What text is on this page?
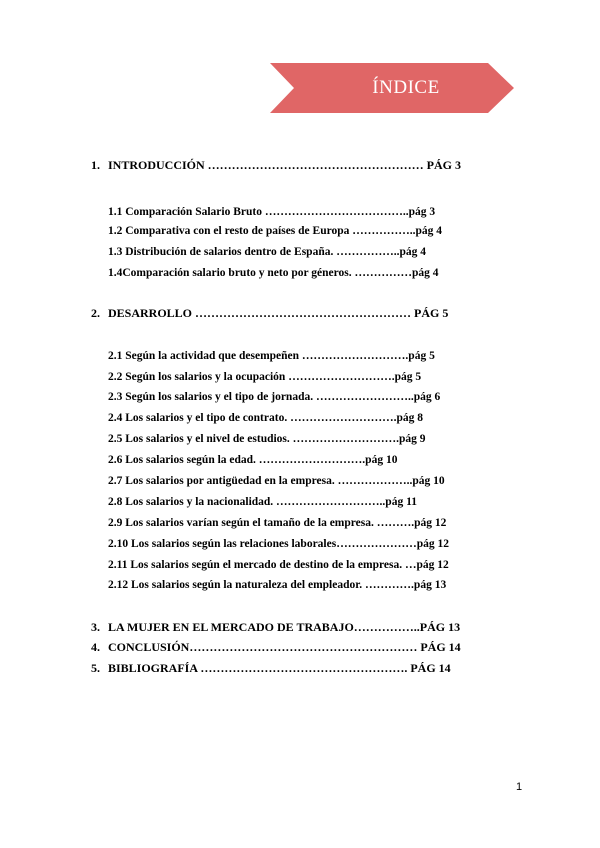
ÍNDICE
1. INTRODUCCIÓN ……………………………………………… PÁG 3
1.1 Comparación Salario Bruto ………………………………..pág 3
1.2 Comparativa con el resto de países de Europa ……………..pág 4
1.3 Distribución de salarios dentro de España. ……………..pág 4
1.4Comparación salario bruto y neto por géneros. ……………pág 4
2. DESARROLLO ……………………………………………… PÁG 5
2.1 Según la actividad que desempeñen ……………………….pág 5
2.2 Según los salarios y la ocupación ……………………….pág 5
2.3 Según los salarios y el tipo de jornada. ……………………..pág 6
2.4 Los salarios y el tipo de contrato. ……………………….pág 8
2.5 Los salarios y el nivel de estudios. ……………………….pág 9
2.6 Los salarios según la edad. ……………………….pág 10
2.7 Los salarios por antigüedad en la empresa. ………………..pág 10
2.8 Los salarios y la nacionalidad. ………………………..pág 11
2.9 Los salarios varían según el tamaño de la empresa. ……….pág 12
2.10 Los salarios según las relaciones laborales…………………pág 12
2.11 Los salarios según el mercado de destino de la empresa. …pág 12
2.12 Los salarios según la naturaleza del empleador. ………….pág 13
3. LA MUJER EN EL MERCADO DE TRABAJO……………..PÁG 13
4. CONCLUSIÓN………………………………………………… PÁG 14
5. BIBLIOGRAFÍA ……………………………………………. PÁG 14
1
